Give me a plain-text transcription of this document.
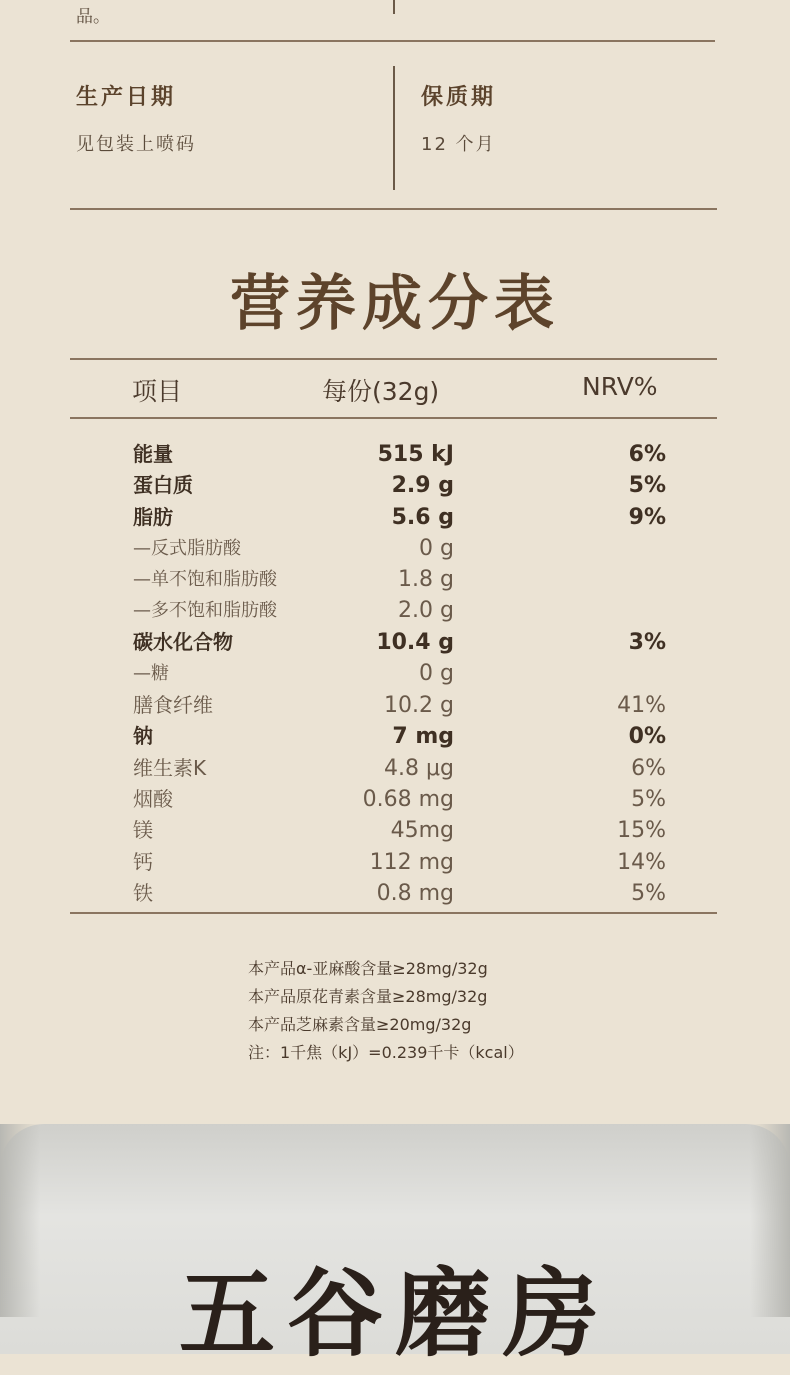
品。
生产日期
见包装上喷码
保质期
12 个月
营养成分表
项目	每份(32g)	NRV%
能量	515 kJ	6%
蛋白质	2.9 g	5%
脂肪	5.6 g	9%
—反式脂肪酸	0 g
—单不饱和脂肪酸	1.8 g
—多不饱和脂肪酸	2.0 g
碳水化合物	10.4 g	3%
—糖	0 g
膳食纤维	10.2 g	41%
钠	7 mg	0%
维生素K	4.8 μg	6%
烟酸	0.68 mg	5%
镁	45mg	15%
钙	112 mg	14%
铁	0.8 mg	5%
本产品α-亚麻酸含量≥28mg/32g
本产品原花青素含量≥28mg/32g
本产品芝麻素含量≥20mg/32g
注：1千焦（kJ）=0.239千卡（kcal）
五谷磨房
